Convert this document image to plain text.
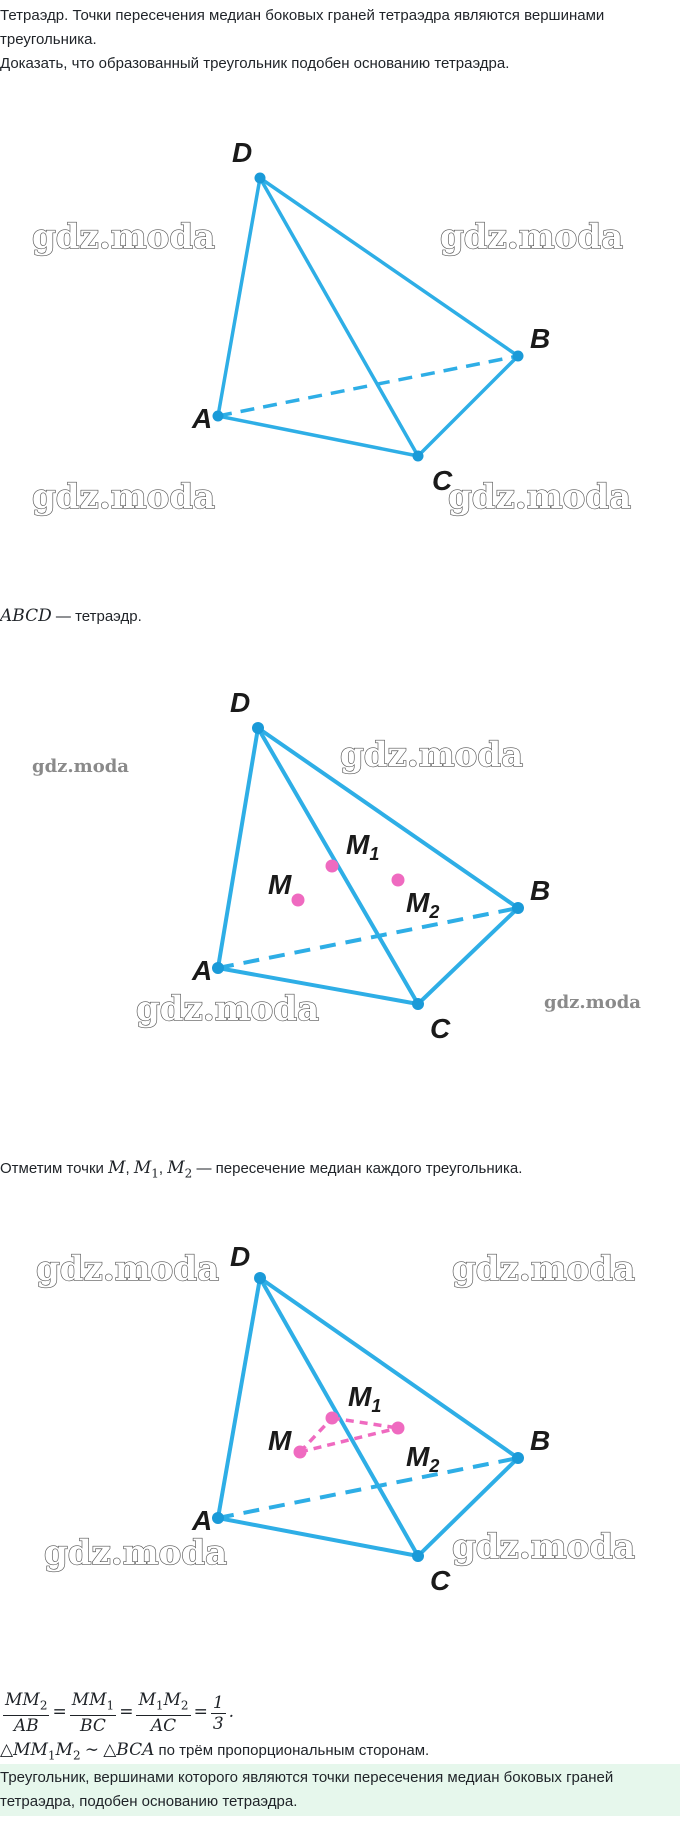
Тетраэдр. Точки пересечения медиан боковых граней тетраэдра являются вершинами
треугольника.
Доказать, что образованный треугольник подобен основанию тетраэдра.
gdz.moda	gdz.moda
gdz.moda	gdz.moda
D
B
A
C
ABCD — тетраэдр.
gdz.moda	gdz.moda
gdz.moda	gdz.moda
D
B
A
C
M
$M_1$
$M_2$
Отметим точки M, $M_1$, $M_2$ — пересечение медиан каждого треугольника.
gdz.moda	gdz.moda
gdz.moda	gdz.moda
D
B
A
C
M
$M_1$
$M_2$
$\frac{MM_2}{AB} = \frac{MM_1}{BC} = \frac{M_1M_2}{AC} = \frac{1}{3}$ .
$\triangle MM_1M_2$ ∼ △BCA по трём пропорциональным сторонам.
Треугольник, вершинами которого являются точки пересечения медиан боковых граней
тетраэдра, подобен основанию тетраэдра.
